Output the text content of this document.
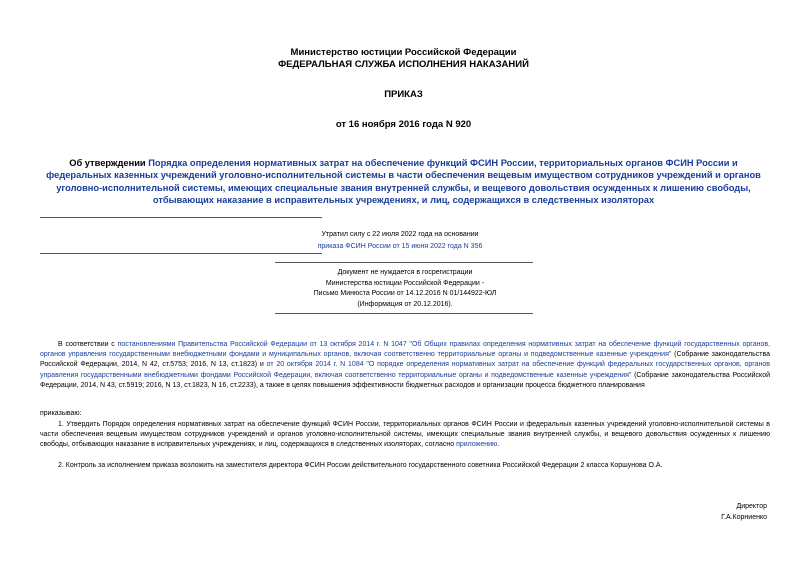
Министерство юстиции Российской Федерации
ФЕДЕРАЛЬНАЯ СЛУЖБА ИСПОЛНЕНИЯ НАКАЗАНИЙ
ПРИКАЗ
от 16 ноября 2016 года N 920
Об утверждении Порядка определения нормативных затрат на обеспечение функций ФСИН России, территориальных органов ФСИН России и федеральных казенных учреждений уголовно-исполнительной системы в части обеспечения вещевым имуществом сотрудников учреждений и органов уголовно-исполнительной системы, имеющих специальные звания внутренней службы, и вещевого довольствия осужденных к лишению свободы, отбывающих наказание в исправительных учреждениях, и лиц, содержащихся в следственных изоляторах
Утратил силу с 22 июля 2022 года на основании
приказа ФСИН России от 15 июня 2022 года N 356
Документ не нуждается в госрегистрации
Министерства юстиции Российской Федерации -
Письмо Минюста России от 14.12.2016 N 01/144922-ЮЛ
(Информация от 20.12.2016).
В соответствии с постановлениями Правительства Российской Федерации от 13 октября 2014 г. N 1047 "Об Общих правилах определения нормативных затрат на обеспечение функций государственных органов, органов управления государственными внебюджетными фондами и муниципальных органов, включая соответственно территориальные органы и подведомственные казенные учреждения" (Собрание законодательства Российской Федерации, 2014, N 42, ст.5753; 2016, N 13, ст.1823) и от 20 октября 2014 г. N 1084 "О порядке определения нормативных затрат на обеспечение функций федеральных государственных органов, органов управления государственными внебюджетными фондами Российской Федерации, включая соответственно территориальные органы и подведомственные казенные учреждения" (Собрание законодательства Российской Федерации, 2014, N 43, ст.5919; 2016, N 13, ст.1823, N 16, ст.2233), а также в целях повышения эффективности бюджетных расходов и организации процесса бюджетного планирования
приказываю:
1. Утвердить Порядок определения нормативных затрат на обеспечение функций ФСИН России, территориальных органов ФСИН России и федеральных казенных учреждений уголовно-исполнительной системы в части обеспечения вещевым имуществом сотрудников учреждений и органов уголовно-исполнительной системы, имеющих специальные звания внутренней службы, и вещевого довольствия осужденных к лишению свободы, отбывающих наказание в исправительных учреждениях, и лиц, содержащихся в следственных изоляторах, согласно приложению.
2. Контроль за исполнением приказа возложить на заместителя директора ФСИН России действительного государственного советника Российской Федерации 2 класса Коршунова О.А.
Директор
Г.А.Корниенко
